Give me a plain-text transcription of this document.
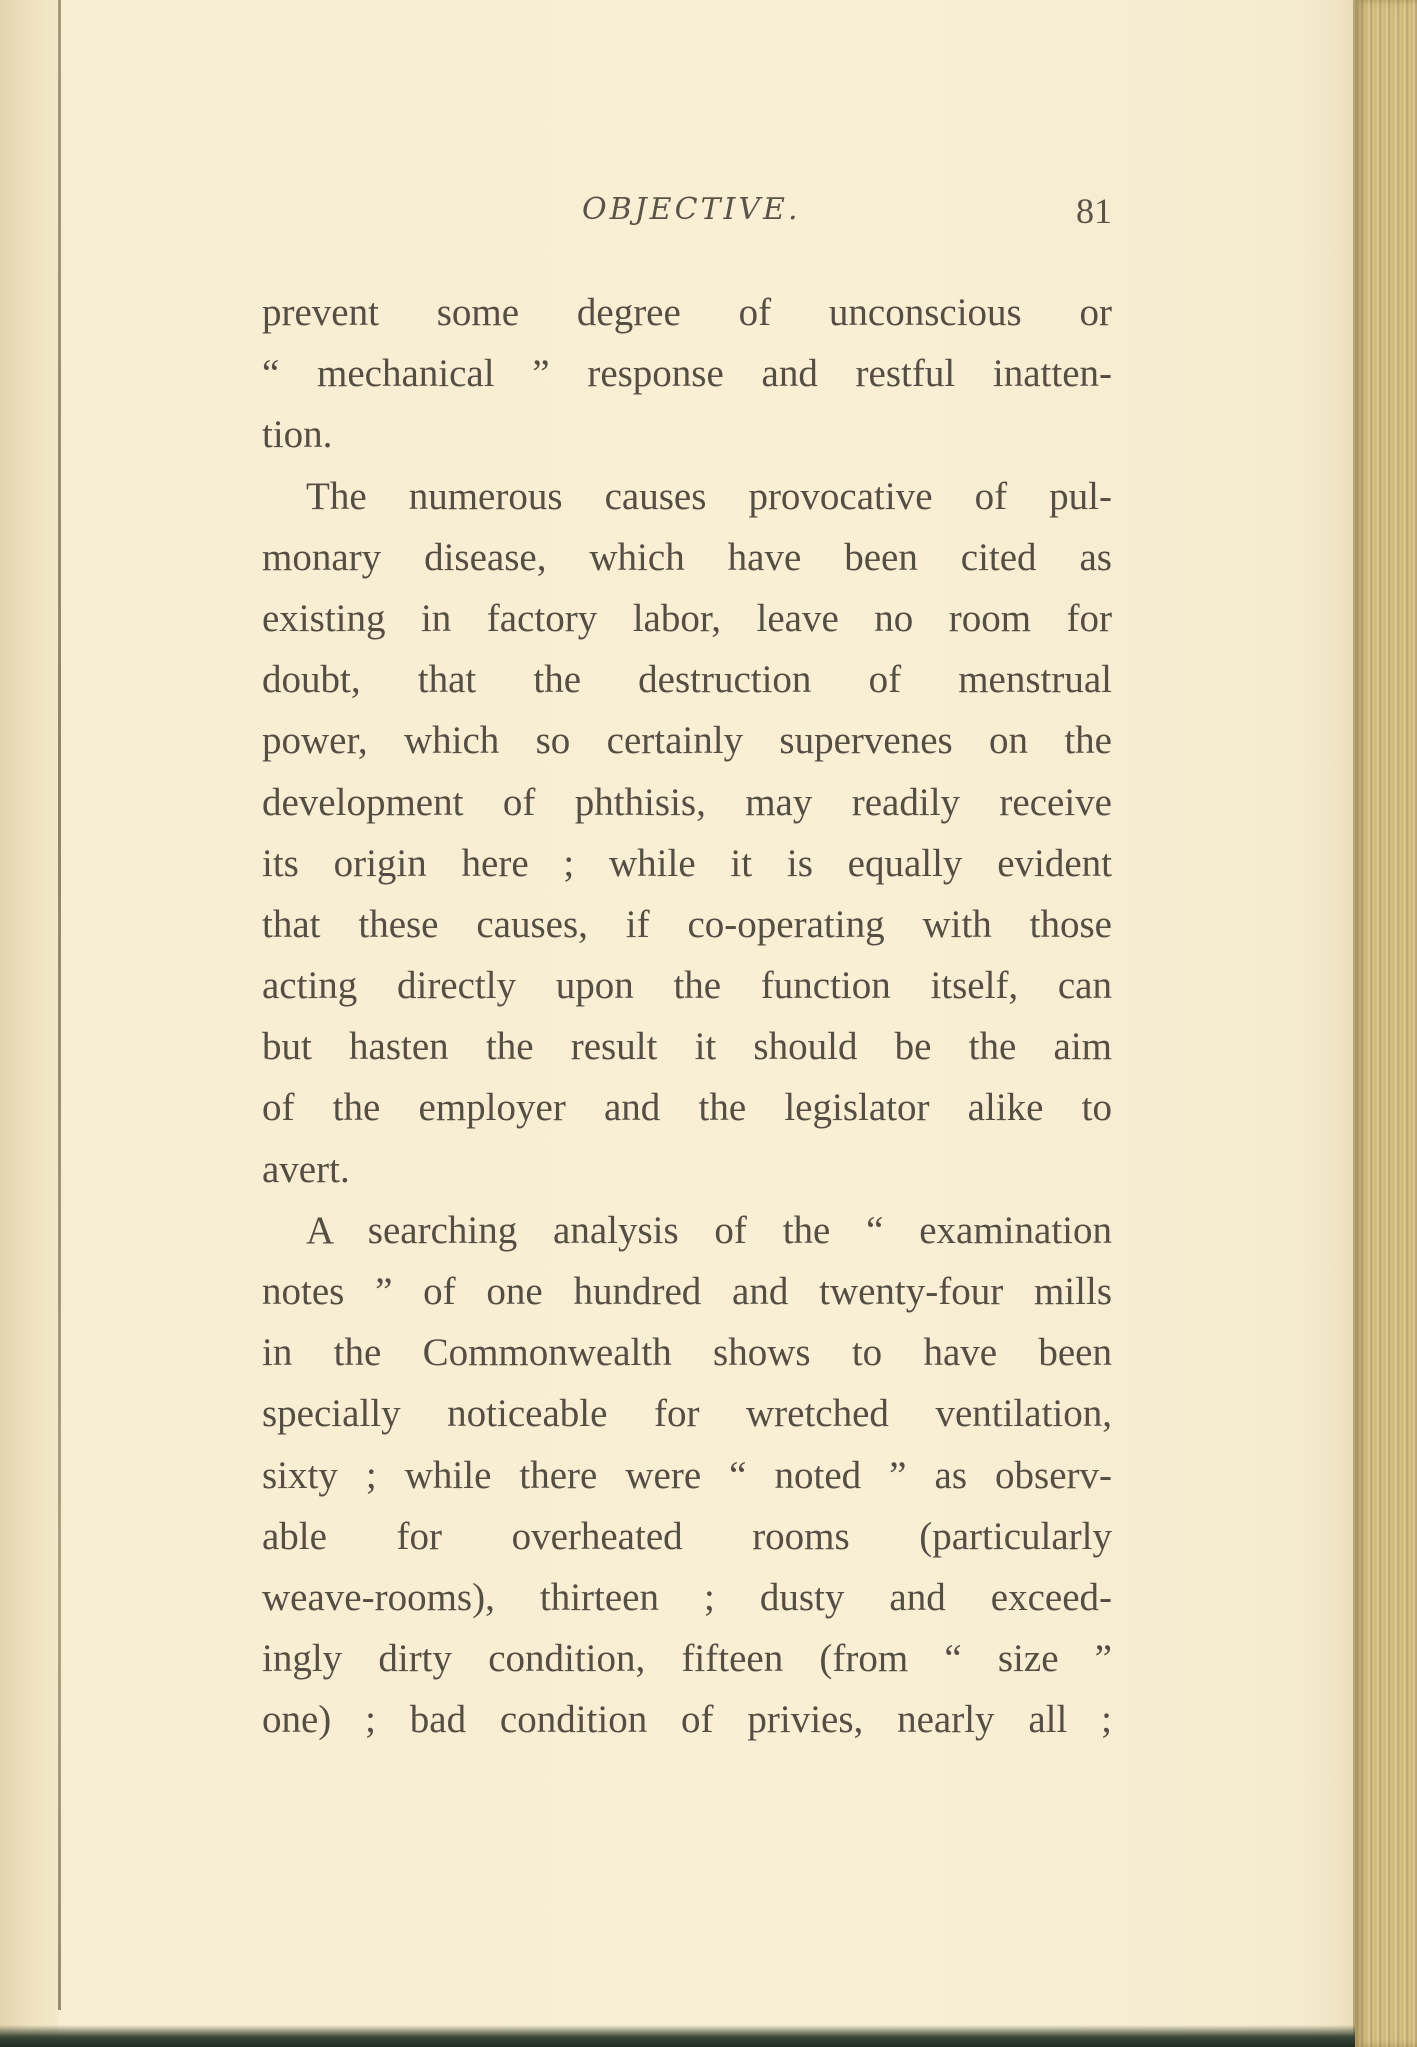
OBJECTIVE.	81
prevent some degree of unconscious or
“ mechanical ” response and restful inatten-
tion.
The numerous causes provocative of pul-
monary disease, which have been cited as
existing in factory labor, leave no room for
doubt, that the destruction of menstrual
power, which so certainly supervenes on the
development of phthisis, may readily receive
its origin here ; while it is equally evident
that these causes, if co-operating with those
acting directly upon the function itself, can
but hasten the result it should be the aim
of the employer and the legislator alike to
avert.
A searching analysis of the “ examination
notes ” of one hundred and twenty-four mills
in the Commonwealth shows to have been
specially noticeable for wretched ventilation,
sixty ; while there were “ noted ” as observ-
able for overheated rooms (particularly
weave-rooms), thirteen ; dusty and exceed-
ingly dirty condition, fifteen (from “ size ”
one) ; bad condition of privies, nearly all ;
